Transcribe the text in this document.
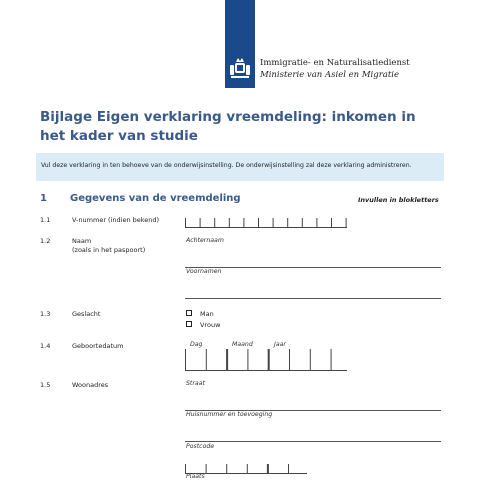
Immigratie- en Naturalisatiedienst
Ministerie van Asiel en Migratie
Bijlage Eigen verklaring vreemdeling: inkomen in het kader van studie
Vul deze verklaring in ten behoeve van de onderwijsinstelling. De onderwijsinstelling zal deze verklaring administreren.
1 Gegevens van de vreemdeling	Invullen in blokletters
1.1	V-nummer (indien bekend)
1.2	Naam
(zoals in het paspoort)
Achternaam
Voornamen
1.3	Geslacht	Man
Vrouw
1.4	Geboortedatum	Dag	Maand	Jaar
1.5	Woonadres	Straat
Huisnummer en toevoeging
Postcode
Plaats
